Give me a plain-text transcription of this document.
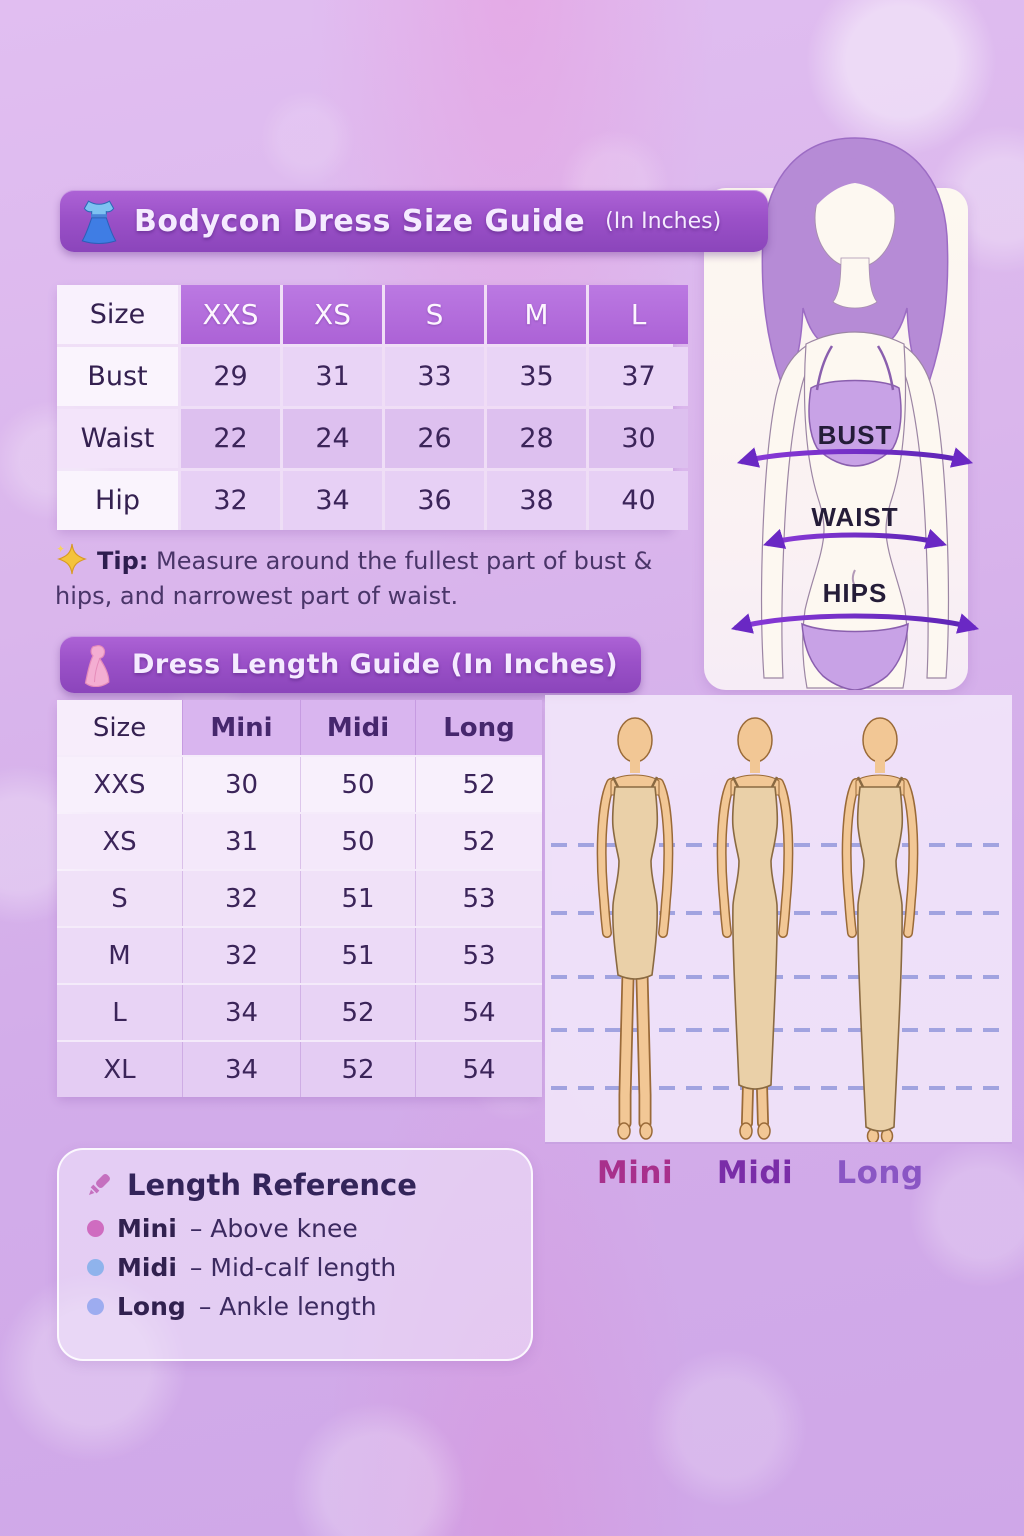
BUST
WAIST
HIPS
Bodycon Dress Size Guide (In Inches)
Size	XXS	XS	S	M	L
Bust	29	31	33	35	37
Waist	22	24	26	28	30
Hip	32	34	36	38	40
Tip: Measure around the fullest part of bust & hips, and narrowest part of waist.
Dress Length Guide (In Inches)
Size	Mini	Midi	Long
XXS	30	50	52
XS	31	50	52
S	32	51	53
M	32	51	53
L	34	52	54
XL	34	52	54
Mini	Midi	Long
Length Reference
Mini – Above knee
Midi – Mid-calf length
Long – Ankle length
